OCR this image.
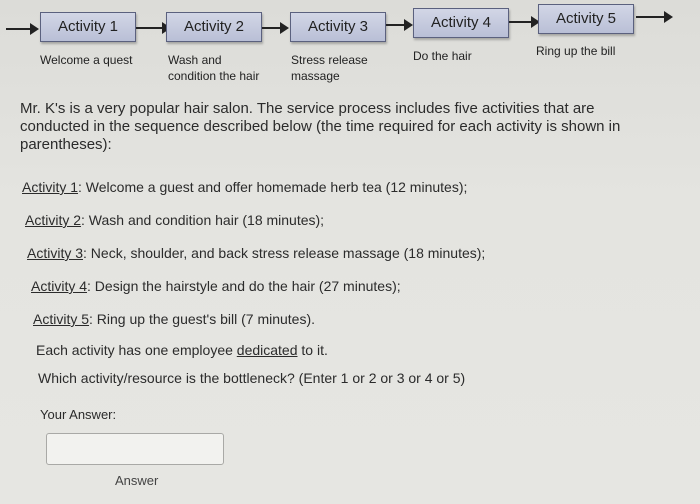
Activity 1	Activity 2	Activity 3	Activity 4	Activity 5
Welcome a quest	Wash and
condition the hair
Stress release
massage
Do the hair	Ring up the bill
Mr. K's is a very popular hair salon. The service process includes five activities that are conducted in the sequence described below (the time required for each activity is shown in parentheses):
Activity 1: Welcome a guest and offer homemade herb tea (12 minutes);
Activity 2: Wash and condition hair (18 minutes);
Activity 3: Neck, shoulder, and back stress release massage (18 minutes);
Activity 4: Design the hairstyle and do the hair (27 minutes);
Activity 5: Ring up the guest's bill (7 minutes).
Each activity has one employee dedicated to it.
Which activity/resource is the bottleneck? (Enter 1 or 2 or 3 or 4 or 5)
Your Answer:
Answer
